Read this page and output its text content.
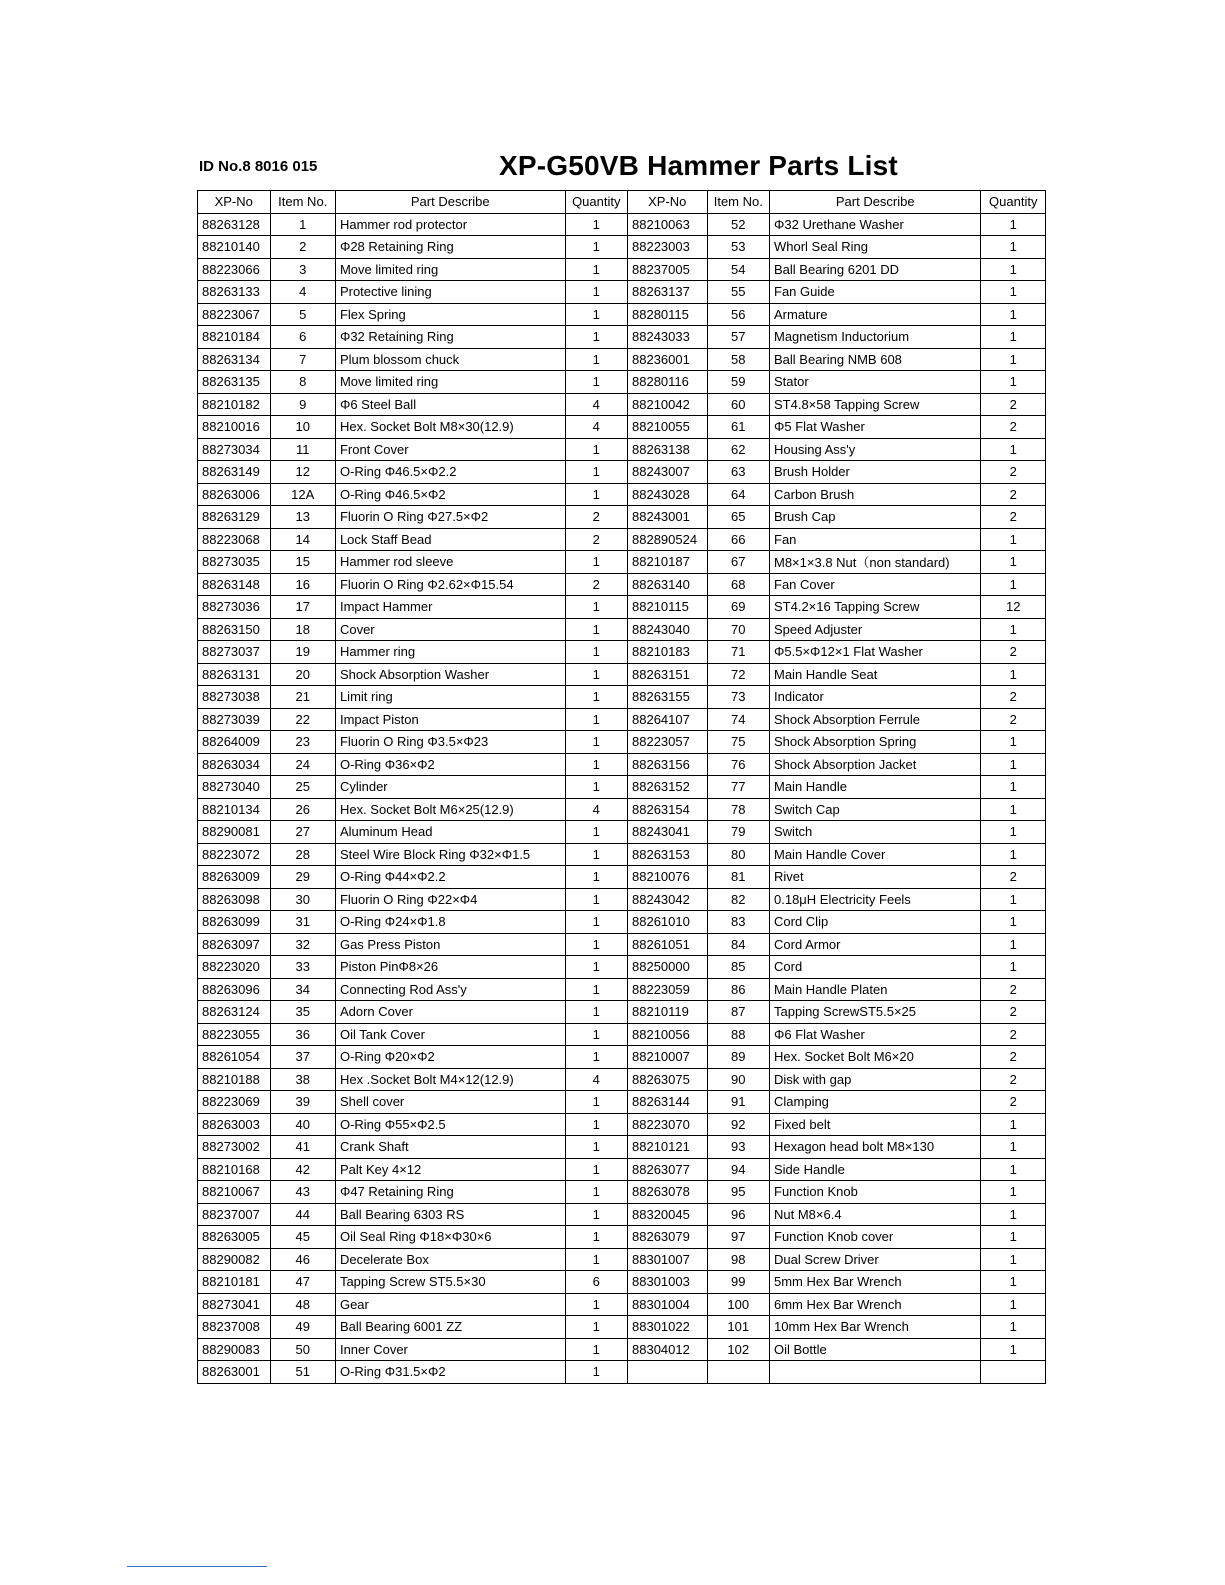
ID No.8 8016 015	XP-G50VB Hammer Parts List
XP-No	Item No.	Part Describe	Quantity	XP-No	Item No.	Part Describe	Quantity
88263128	1	Hammer rod protector	1	88210063	52	Φ32 Urethane Washer	1
88210140	2	Φ28 Retaining Ring	1	88223003	53	Whorl Seal Ring	1
88223066	3	Move limited ring	1	88237005	54	Ball Bearing 6201 DD	1
88263133	4	Protective lining	1	88263137	55	Fan Guide	1
88223067	5	Flex Spring	1	88280115	56	Armature	1
88210184	6	Φ32 Retaining Ring	1	88243033	57	Magnetism Inductorium	1
88263134	7	Plum blossom chuck	1	88236001	58	Ball Bearing NMB 608	1
88263135	8	Move limited ring	1	88280116	59	Stator	1
88210182	9	Φ6 Steel Ball	4	88210042	60	ST4.8×58 Tapping Screw	2
88210016	10	Hex. Socket Bolt M8×30(12.9)	4	88210055	61	Φ5 Flat Washer	2
88273034	11	Front Cover	1	88263138	62	Housing Ass'y	1
88263149	12	O-Ring Φ46.5×Φ2.2	1	88243007	63	Brush Holder	2
88263006	12A	O-Ring Φ46.5×Φ2	1	88243028	64	Carbon Brush	2
88263129	13	Fluorin O Ring Φ27.5×Φ2	2	88243001	65	Brush Cap	2
88223068	14	Lock Staff Bead	2	882890524	66	Fan	1
88273035	15	Hammer rod sleeve	1	88210187	67	M8×1×3.8 Nut（non standard)	1
88263148	16	Fluorin O Ring Φ2.62×Φ15.54	2	88263140	68	Fan Cover	1
88273036	17	Impact Hammer	1	88210115	69	ST4.2×16 Tapping Screw	12
88263150	18	Cover	1	88243040	70	Speed Adjuster	1
88273037	19	Hammer ring	1	88210183	71	Φ5.5×Φ12×1 Flat Washer	2
88263131	20	Shock Absorption Washer	1	88263151	72	Main Handle Seat	1
88273038	21	Limit ring	1	88263155	73	Indicator	2
88273039	22	Impact Piston	1	88264107	74	Shock Absorption Ferrule	2
88264009	23	Fluorin O Ring Φ3.5×Φ23	1	88223057	75	Shock Absorption Spring	1
88263034	24	O-Ring Φ36×Φ2	1	88263156	76	Shock Absorption Jacket	1
88273040	25	Cylinder	1	88263152	77	Main Handle	1
88210134	26	Hex. Socket Bolt M6×25(12.9)	4	88263154	78	Switch Cap	1
88290081	27	Aluminum Head	1	88243041	79	Switch	1
88223072	28	Steel Wire Block Ring Φ32×Φ1.5	1	88263153	80	Main Handle Cover	1
88263009	29	O-Ring Φ44×Φ2.2	1	88210076	81	Rivet	2
88263098	30	Fluorin O Ring Φ22×Φ4	1	88243042	82	0.18μH Electricity Feels	1
88263099	31	O-Ring Φ24×Φ1.8	1	88261010	83	Cord Clip	1
88263097	32	Gas Press Piston	1	88261051	84	Cord Armor	1
88223020	33	Piston PinΦ8×26	1	88250000	85	Cord	1
88263096	34	Connecting Rod Ass'y	1	88223059	86	Main Handle Platen	2
88263124	35	Adorn Cover	1	88210119	87	Tapping ScrewST5.5×25	2
88223055	36	Oil Tank Cover	1	88210056	88	Φ6 Flat Washer	2
88261054	37	O-Ring Φ20×Φ2	1	88210007	89	Hex. Socket Bolt M6×20	2
88210188	38	Hex .Socket Bolt M4×12(12.9)	4	88263075	90	Disk with gap	2
88223069	39	Shell cover	1	88263144	91	Clamping	2
88263003	40	O-Ring Φ55×Φ2.5	1	88223070	92	Fixed belt	1
88273002	41	Crank Shaft	1	88210121	93	Hexagon head bolt M8×130	1
88210168	42	Palt Key 4×12	1	88263077	94	Side Handle	1
88210067	43	Φ47 Retaining Ring	1	88263078	95	Function Knob	1
88237007	44	Ball Bearing 6303 RS	1	88320045	96	Nut M8×6.4	1
88263005	45	Oil Seal Ring Φ18×Φ30×6	1	88263079	97	Function Knob cover	1
88290082	46	Decelerate Box	1	88301007	98	Dual Screw Driver	1
88210181	47	Tapping Screw ST5.5×30	6	88301003	99	5mm Hex Bar Wrench	1
88273041	48	Gear	1	88301004	100	6mm Hex Bar Wrench	1
88237008	49	Ball Bearing 6001 ZZ	1	88301022	101	10mm Hex Bar Wrench	1
88290083	50	Inner Cover	1	88304012	102	Oil Bottle	1
88263001	51	O-Ring Φ31.5×Φ2	1				
